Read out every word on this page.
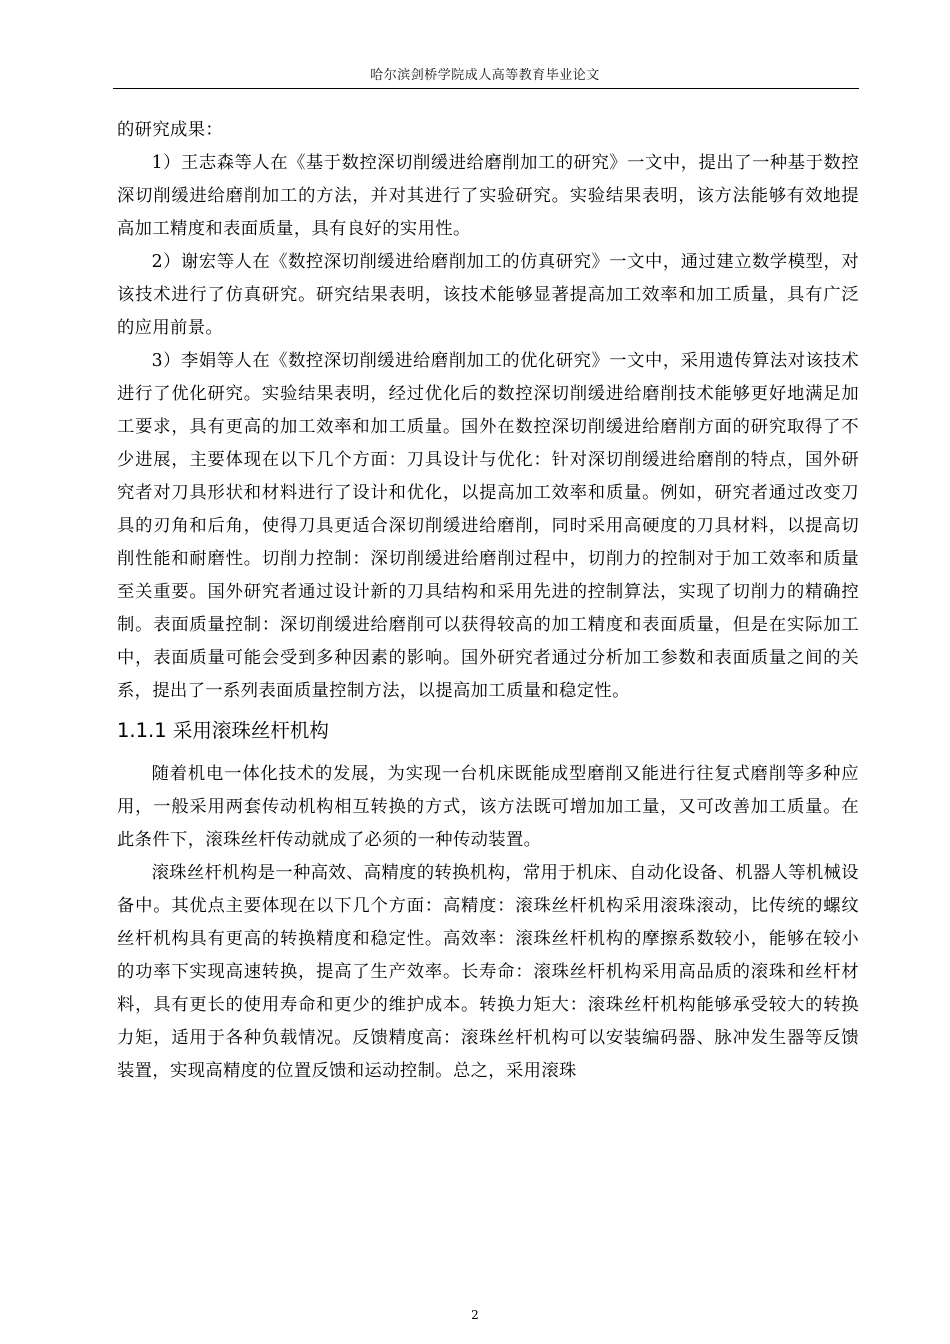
哈尔滨剑桥学院成人高等教育毕业论文

的研究成果：

1）王志森等人在《基于数控深切削缓进给磨削加工的研究》一文中，提出了一种基于数控深切削缓进给磨削加工的方法，并对其进行了实验研究。实验结果表明，该方法能够有效地提高加工精度和表面质量，具有良好的实用性。

2）谢宏等人在《数控深切削缓进给磨削加工的仿真研究》一文中，通过建立数学模型，对该技术进行了仿真研究。研究结果表明，该技术能够显著提高加工效率和加工质量，具有广泛的应用前景。

3）李娟等人在《数控深切削缓进给磨削加工的优化研究》一文中，采用遗传算法对该技术进行了优化研究。实验结果表明，经过优化后的数控深切削缓进给磨削技术能够更好地满足加工要求，具有更高的加工效率和加工质量。国外在数控深切削缓进给磨削方面的研究取得了不少进展，主要体现在以下几个方面：刀具设计与优化：针对深切削缓进给磨削的特点，国外研究者对刀具形状和材料进行了设计和优化，以提高加工效率和质量。例如，研究者通过改变刀具的刃角和后角，使得刀具更适合深切削缓进给磨削，同时采用高硬度的刀具材料，以提高切削性能和耐磨性。切削力控制：深切削缓进给磨削过程中，切削力的控制对于加工效率和质量至关重要。国外研究者通过设计新的刀具结构和采用先进的控制算法，实现了切削力的精确控制。表面质量控制：深切削缓进给磨削可以获得较高的加工精度和表面质量，但是在实际加工中，表面质量可能会受到多种因素的影响。国外研究者通过分析加工参数和表面质量之间的关系，提出了一系列表面质量控制方法，以提高加工质量和稳定性。

1.1.1 采用滚珠丝杆机构

随着机电一体化技术的发展，为实现一台机床既能成型磨削又能进行往复式磨削等多种应用，一般采用两套传动机构相互转换的方式，该方法既可增加加工量，又可改善加工质量。在此条件下，滚珠丝杆传动就成了必须的一种传动装置。

滚珠丝杆机构是一种高效、高精度的转换机构，常用于机床、自动化设备、机器人等机械设备中。其优点主要体现在以下几个方面：高精度：滚珠丝杆机构采用滚珠滚动，比传统的螺纹丝杆机构具有更高的转换精度和稳定性。高效率：滚珠丝杆机构的摩擦系数较小，能够在较小的功率下实现高速转换，提高了生产效率。长寿命：滚珠丝杆机构采用高品质的滚珠和丝杆材料，具有更长的使用寿命和更少的维护成本。转换力矩大：滚珠丝杆机构能够承受较大的转换力矩，适用于各种负载情况。反馈精度高：滚珠丝杆机构可以安装编码器、脉冲发生器等反馈装置，实现高精度的位置反馈和运动控制。总之，采用滚珠

2
